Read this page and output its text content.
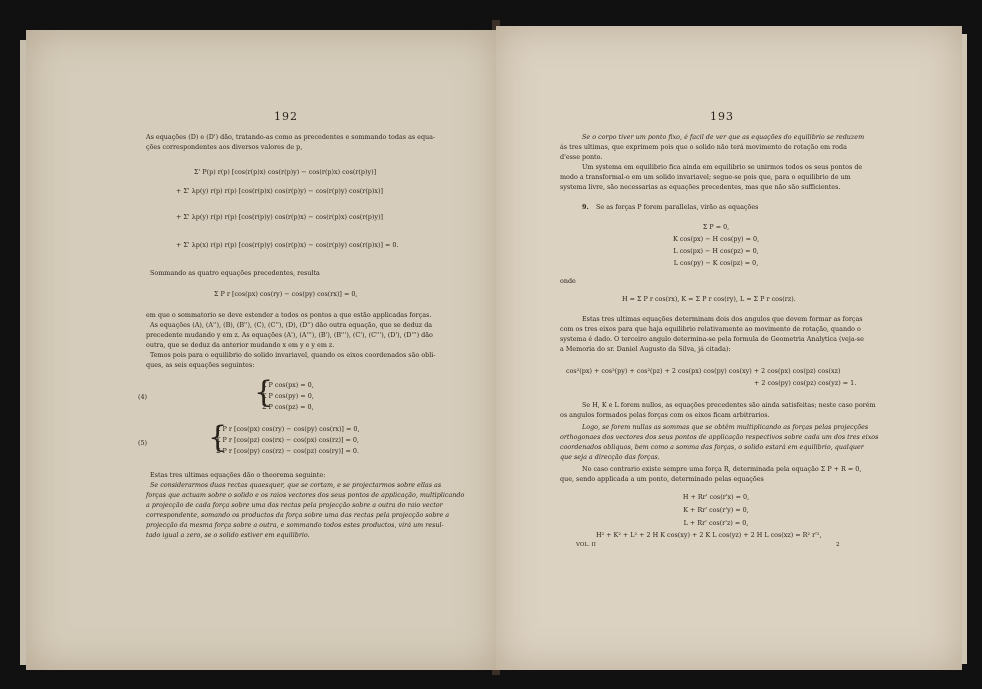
192
As equações (D) e (D') dão, tratando-as como as precedentes e sommando todas as equa-
ções correspondentes aos diversos valores de p,
Σ' P(p) r(p) [cos(r(p)x) cos(r(p)y) − cos(r(p)x) cos(r(p)y)]
+ Σ' λp(y) r(p) r(p) [cos(r(p)x) cos(r(p)y) − cos(r(p)y) cos(r(p)x)]
+ Σ' λp(y) r(p) r(p) [cos(r(p)y) cos(r(p)x) − cos(r(p)x) cos(r(p)y)]
+ Σ' λp(x) r(p) r(p) [cos(r(p)y) cos(r(p)x) − cos(r(p)y) cos(r(p)x)] = 0.
Sommando as quatro equações precedentes, resulta
Σ P r [cos(px) cos(ry) − cos(py) cos(rx)] = 0,
em que o sommatorio se deve estender a todos os pontos a que estão applicadas forças.
As equações (A), (A''), (B), (B''), (C), (C''), (D), (D'') dão outra equação, que se deduz da
precedente mudando y em z. As equações (A'), (A'''), (B'), (B'''), (C'), (C'''), (D'), (D''') dão
outra, que se deduz da anterior mudando x em y e y em z.
Temos pois para o equilibrio do solido invariavel, quando os eixos coordenados são obli-
ques, as seis equações seguintes:
(4)	{
Σ P cos(px) = 0,
Σ P cos(py) = 0,
Σ P cos(pz) = 0,
(5) {
Σ P r [cos(px) cos(ry) − cos(py) cos(rx)] = 0,
Σ P r [cos(pz) cos(rx) − cos(px) cos(rz)] = 0,
Σ P r [cos(py) cos(rz) − cos(pz) cos(ry)] = 0.
Estas tres ultimas equações dão o theorema seguinte:
Se considerarmos duas rectas quaesquer, que se cortam, e se projectarmos sobre ellas as
forças que actuam sobre o solido e os raios vectores dos seus pontos de applicação, multiplicando
a projecção de cada força sobre uma das rectas pela projecção sobre a outra do raio vector
correspondente, somando os productos da força sobre uma das rectas pela projecção sobre a
projecção da mesma força sobre a outra, e sommando todos estes productos, virá um resul-
tado igual a zero, se o solido estiver em equilibrio.
193
Se o corpo tiver um ponto fixo, é facil de ver que as equações do equilibrio se reduzem
ás tres ultimas, que exprimem pois que o solido não terá movimento de rotação em roda
d'esse ponto.
Um systema em equilibrio fica ainda em equilibrio se unirmos todos os seus pontos de
modo a transformal-o em um solido invariavel; segue-se pois que, para o equilibrio de um
systema livre, são necessarias as equações precedentes, mas que não são sufficientes.
9. Se as forças P forem parallelas, virão as equações
Σ P = 0,
K cos(px) − H cos(py) = 0,
L cos(px) − H cos(pz) = 0,
L cos(py) − K cos(pz) = 0,
onde
H = Σ P r cos(rx), K = Σ P r cos(ry), L = Σ P r cos(rz).
Estas tres ultimas equações determinam dois dos angulos que devem formar as forças
com os tres eixos para que haja equilibrio relativamente ao movimento de rotação, quando o
systema é dado. O terceiro angulo determina-se pela formula de Geometria Analytica (veja-se
a Memoria do sr. Daniel Augusto da Silva, já citada):
cos²(px) + cos²(py) + cos²(pz) + 2 cos(px) cos(py) cos(xy) + 2 cos(px) cos(pz) cos(xz)
+ 2 cos(py) cos(pz) cos(yz) = 1.
Se H, K e L forem nullos, as equações precedentes são ainda satisfeitas; neste caso porém
os angulos formados pelas forças com os eixos ficam arbitrarios.
Logo, se forem nullas as sommas que se obtêm multiplicando as forças pelas projecções
orthogonaes dos vectores dos seus pontos de applicação respectivos sobre cada um dos tres eixos
coordenados obliquos, bem como a somma das forças, o solido estará em equilibrio, qualquer
que seja a direcção das forças.
No caso contrario existe sempre uma força R, determinada pela equação Σ P + R = 0,
que, sendo applicada a um ponto, determinado pelas equações
H + Rr' cos(r'x) = 0,
K + Rr' cos(r'y) = 0,
L + Rr' cos(r'z) = 0,
H² + K² + L² + 2 H K cos(xy) + 2 K L cos(yz) + 2 H L cos(xz) = R² r'²,
VOL. II	2
